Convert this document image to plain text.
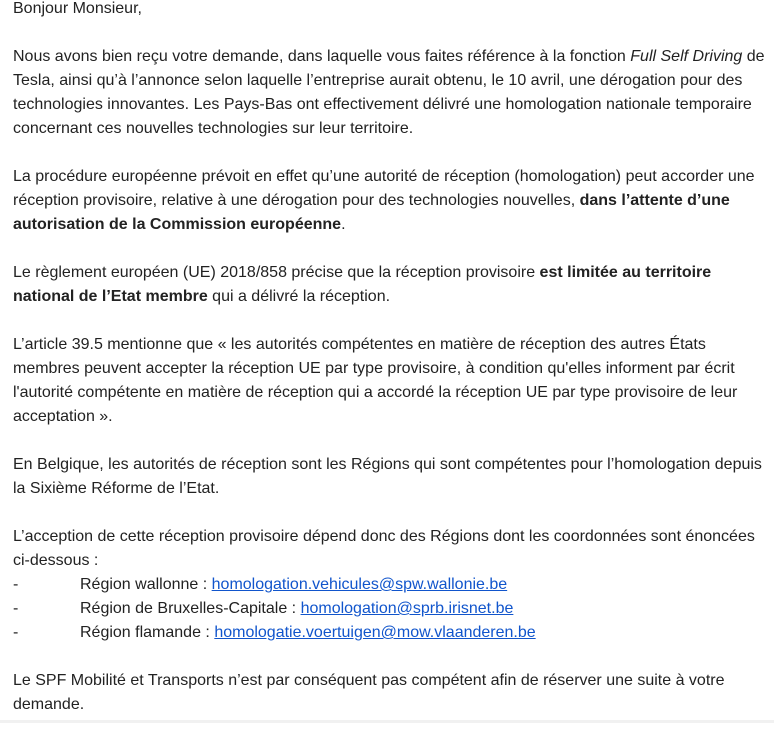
Bonjour Monsieur,

Nous avons bien reçu votre demande, dans laquelle vous faites référence à la fonction Full Self Driving de Tesla, ainsi qu’à l’annonce selon laquelle l’entreprise aurait obtenu, le 10 avril, une dérogation pour des technologies innovantes. Les Pays-Bas ont effectivement délivré une homologation nationale temporaire concernant ces nouvelles technologies sur leur territoire.

La procédure européenne prévoit en effet qu’une autorité de réception (homologation) peut accorder une réception provisoire, relative à une dérogation pour des technologies nouvelles, dans l’attente d’une autorisation de la Commission européenne.

Le règlement européen (UE) 2018/858 précise que la réception provisoire est limitée au territoire national de l’Etat membre qui a délivré la réception.

L’article 39.5 mentionne que « les autorités compétentes en matière de réception des autres États membres peuvent accepter la réception UE par type provisoire, à condition qu'elles informent par écrit l'autorité compétente en matière de réception qui a accordé la réception UE par type provisoire de leur acceptation ».

En Belgique, les autorités de réception sont les Régions qui sont compétentes pour l’homologation depuis la Sixième Réforme de l’Etat.

L’acception de cette réception provisoire dépend donc des Régions dont les coordonnées sont énoncées ci-dessous :

-	Région wallonne : homologation.vehicules@spw.wallonie.be
-	Région de Bruxelles-Capitale : homologation@sprb.irisnet.be
-	Région flamande : homologatie.voertuigen@mow.vlaanderen.be

Le SPF Mobilité et Transports n’est par conséquent pas compétent afin de réserver une suite à votre demande.
